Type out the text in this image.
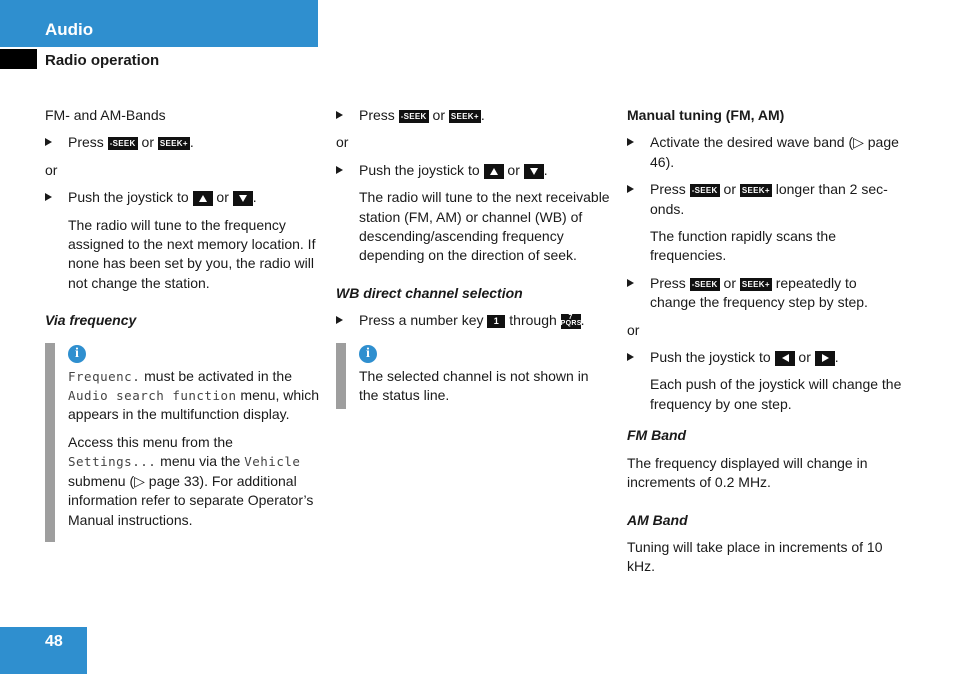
Audio
Radio operation

FM- and AM-Bands

Press -SEEK or SEEK+ .

or

Push the joystick to or .

The radio will tune to the frequency assigned to the next memory location. If none has been set by you, the radio will not change the station.

Via frequency
i

Frequenc. must be activated in the Audio search function menu, which appears in the multifunction display.

Access this menu from the Settings... menu via the Vehicle submenu (▷ page 33). For additional information refer to separate Operator’s Manual instructions.

Press -SEEK or SEEK+ .

or

Push the joystick to or .

The radio will tune to the next receivable station (FM, AM) or channel (WB) of descending/ascending frequency depending on the direction of seek.

WB direct channel selection
Press a number key 1 through 7
PQRS.
i

The selected channel is not shown in the status line.

Manual tuning (FM, AM)
Activate the desired wave band (▷ page 46).
Press -SEEK or SEEK+ longer than 2 sec-onds.

The function rapidly scans the frequencies.

Press -SEEK or SEEK+ repeatedly to change the frequency step by step.

or

Push the joystick to or .

Each push of the joystick will change the frequency by one step.

FM Band

The frequency displayed will change in increments of 0.2 MHz.

AM Band

Tuning will take place in increments of 10 kHz.

48
